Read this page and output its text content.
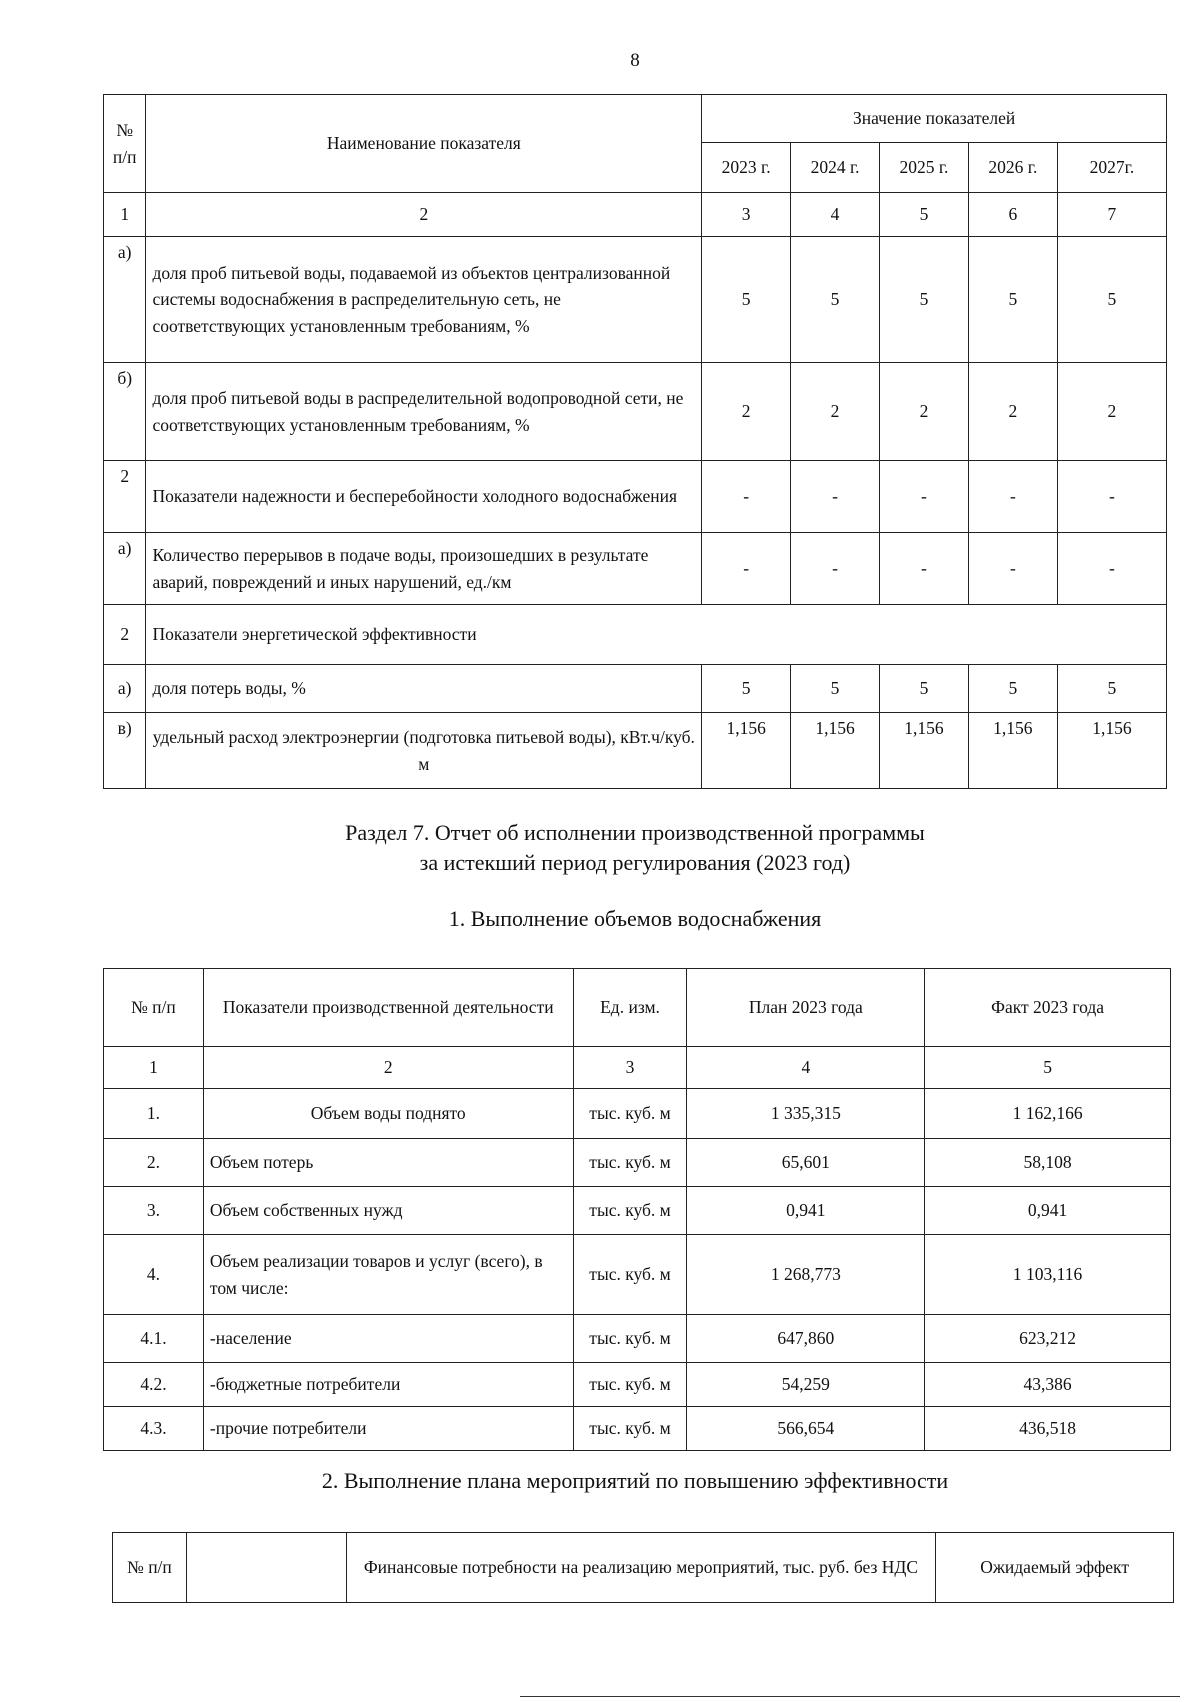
8
№
п/п	Наименование показателя	Значение показателей				
		2023 г.	2024 г.	2025 г.	2026 г.	2027г.
1	2	3	4	5	6	7
а)	доля проб питьевой воды, подаваемой из объектов централизованной системы водоснабжения в распределительную сеть, не соответствующих установленным требованиям, %	5	5	5	5	5
б)	доля проб питьевой воды в распределительной водопроводной сети, не соответствующих установленным требованиям, %	2	2	2	2	2
2	Показатели надежности и бесперебойности холодного водоснабжения	-	-	-	-	-
а)	Количество перерывов в подаче воды, произошедших в результате аварий, повреждений и иных нарушений, ед./км	-	-	-	-	-
2	Показатели энергетической эффективности					
а)	доля потерь воды, %	5	5	5	5	5
в)	удельный расход электроэнергии (подготовка питьевой воды), кВт.ч/куб. м	1,156	1,156	1,156	1,156	1,156
Раздел 7. Отчет об исполнении производственной программы
за истекший период регулирования (2023 год)
1. Выполнение объемов водоснабжения
№ п/п	Показатели производственной деятельности	Ед. изм.	План 2023 года	Факт 2023 года
1	2	3	4	5
1.	Объем воды поднято	тыс. куб. м	1 335,315	1 162,166
2.	Объем потерь	тыс. куб. м	65,601	58,108
3.	Объем собственных нужд	тыс. куб. м	0,941	0,941
4.	Объем реализации товаров и услуг (всего), в том числе:	тыс. куб. м	1 268,773	1 103,116
4.1.	-население	тыс. куб. м	647,860	623,212
4.2.	-бюджетные потребители	тыс. куб. м	54,259	43,386
4.3.	-прочие потребители	тыс. куб. м	566,654	436,518
2. Выполнение плана мероприятий по повышению эффективности
№ п/п		Финансовые потребности на реализацию мероприятий, тыс. руб. без НДС	Ожидаемый эффект
